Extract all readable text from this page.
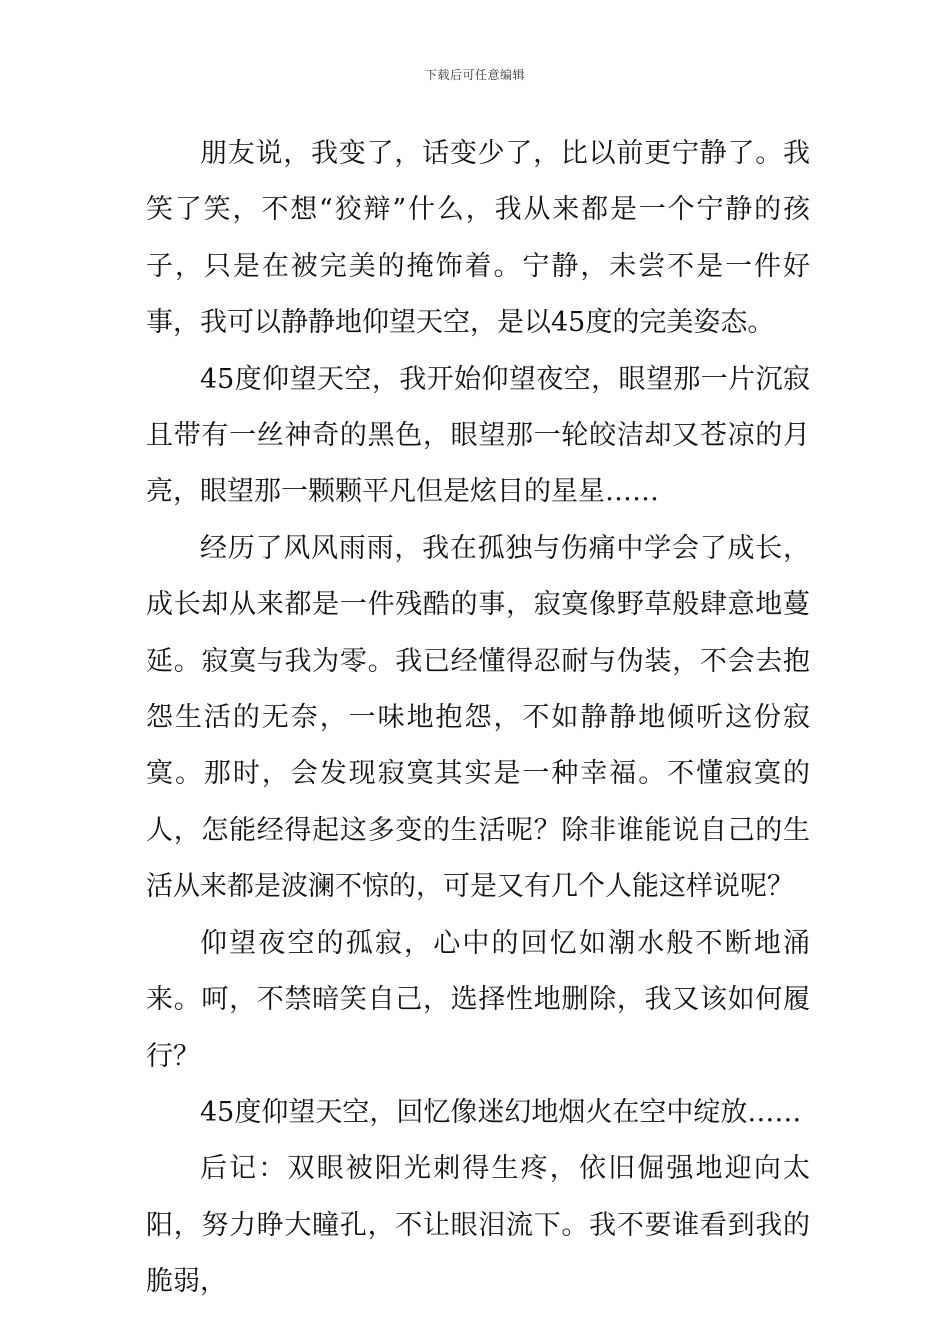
下载后可任意编辑

朋友说，我变了，话变少了，比以前更宁静了。我笑了笑，不想“狡辩”什么，我从来都是一个宁静的孩子，只是在被完美的掩饰着。宁静，未尝不是一件好事，我可以静静地仰望天空，是以45度的完美姿态。

45度仰望天空，我开始仰望夜空，眼望那一片沉寂且带有一丝神奇的黑色，眼望那一轮皎洁却又苍凉的月亮，眼望那一颗颗平凡但是炫目的星星……

经历了风风雨雨，我在孤独与伤痛中学会了成长，成长却从来都是一件残酷的事，寂寞像野草般肆意地蔓延。寂寞与我为零。我已经懂得忍耐与伪装，不会去抱怨生活的无奈，一味地抱怨，不如静静地倾听这份寂寞。那时，会发现寂寞其实是一种幸福。不懂寂寞的人，怎能经得起这多变的生活呢？除非谁能说自己的生活从来都是波澜不惊的，可是又有几个人能这样说呢？

仰望夜空的孤寂，心中的回忆如潮水般不断地涌来。呵，不禁暗笑自己，选择性地删除，我又该如何履行？

45度仰望天空，回忆像迷幻地烟火在空中绽放……

后记：双眼被阳光刺得生疼，依旧倔强地迎向太阳，努力睁大瞳孔，不让眼泪流下。我不要谁看到我的脆弱，
